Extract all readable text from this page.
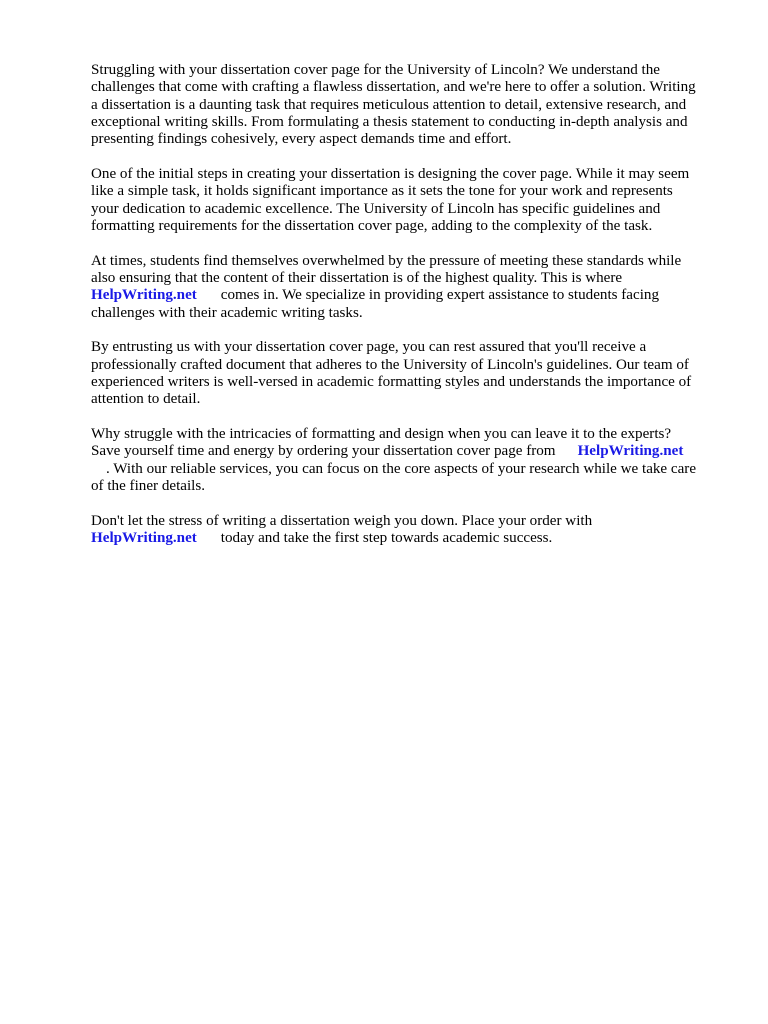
Struggling with your dissertation cover page for the University of Lincoln? We understand the
challenges that come with crafting a flawless dissertation, and we're here to offer a solution. Writing
a dissertation is a daunting task that requires meticulous attention to detail, extensive research, and
exceptional writing skills. From formulating a thesis statement to conducting in-depth analysis and
presenting findings cohesively, every aspect demands time and effort.

One of the initial steps in creating your dissertation is designing the cover page. While it may seem
like a simple task, it holds significant importance as it sets the tone for your work and represents
your dedication to academic excellence. The University of Lincoln has specific guidelines and
formatting requirements for the dissertation cover page, adding to the complexity of the task.

At times, students find themselves overwhelmed by the pressure of meeting these standards while
also ensuring that the content of their dissertation is of the highest quality. This is where
HelpWriting.net comes in. We specialize in providing expert assistance to students facing
challenges with their academic writing tasks.

By entrusting us with your dissertation cover page, you can rest assured that you'll receive a
professionally crafted document that adheres to the University of Lincoln's guidelines. Our team of
experienced writers is well-versed in academic formatting styles and understands the importance of
attention to detail.

Why struggle with the intricacies of formatting and design when you can leave it to the experts?
Save yourself time and energy by ordering your dissertation cover page from HelpWriting.net
. With our reliable services, you can focus on the core aspects of your research while we take care
of the finer details.

Don't let the stress of writing a dissertation weigh you down. Place your order with
HelpWriting.net today and take the first step towards academic success.
